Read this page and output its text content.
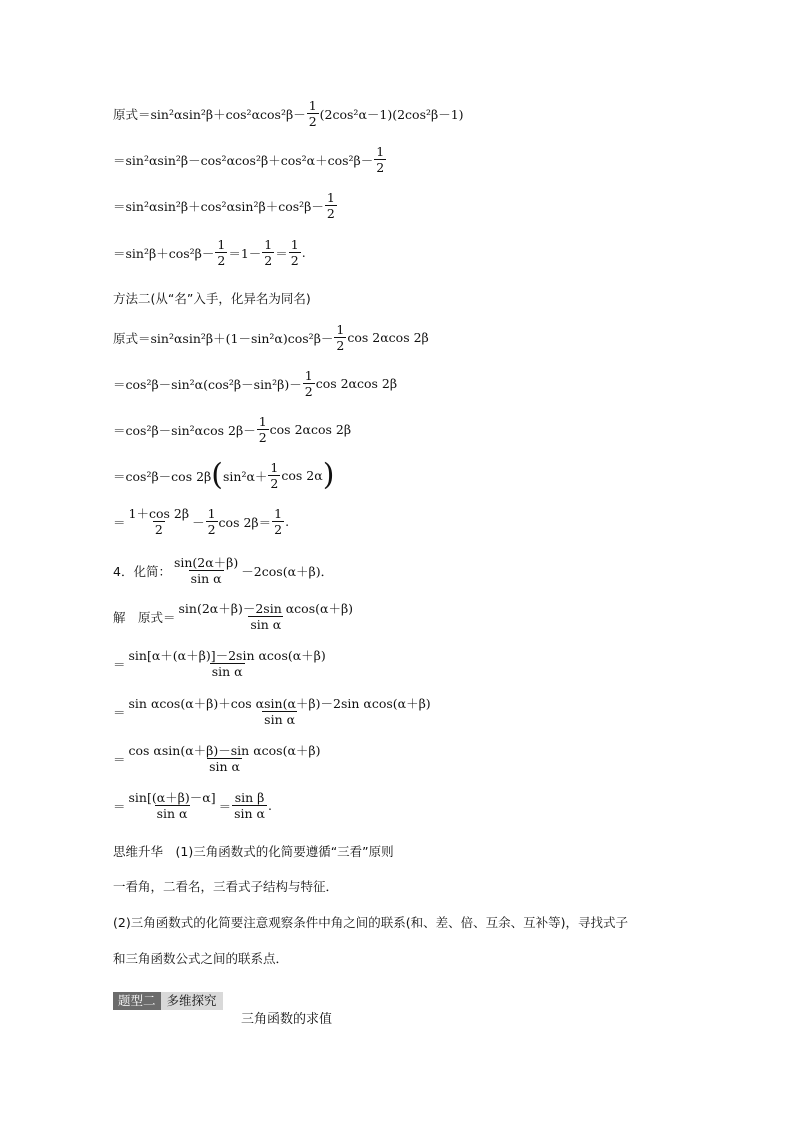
原式$=\sin^2\alpha\sin^2\beta+\cos^2\alpha\cos^2\beta- \frac{1}{2} (2\cos^2\alpha-1)(2\cos^2\beta-1)$
$=\sin^2\alpha\sin^2\beta-\cos^2\alpha\cos^2\beta+\cos^2\alpha+\cos^2\beta- \frac{1}{2}$
$=\sin^2\alpha\sin^2\beta+\cos^2\alpha\sin^2\beta+\cos^2\beta- \frac{1}{2}$
$=\sin^2\beta+\cos^2\beta- \frac{1}{2} =1- \frac{1}{2} = \frac{1}{2}$ .
方法二(从“名”入手，化异名为同名)
原式$=\sin^2\alpha\sin^2\beta+(1-\sin^2\alpha)\cos^2\beta- \frac{1}{2}$ cos 2αcos 2β
$=\cos^2\beta-\sin^2\alpha(\cos^2\beta-\sin^2\beta)- \frac{1}{2}$ cos 2αcos 2β
＝cos²β－sin²αcos $2\beta- \frac{1}{2}$ cos 2αcos 2β
＝cos²β－cos $2\beta(\sin^2\alpha+ \frac{1}{2}$ cos 2α)
＝ $\frac{1+\cos 2\beta}{2} - \frac{1}{2}$ $\cos 2\beta= \frac{1}{2}$ .
4．化简： $\frac{\sin(2\alpha+\beta)}{\text{sin α}} -2\cos(\alpha+\beta)$．
解　原式＝ $\frac{\text{sin(2α＋β)－2sin αcos(α＋β)}}{\text{sin α}}$
＝ $\frac{\text{sin[α＋(α＋β)]－2sin αcos(α＋β)}}{\text{sin α}}$
＝ $\frac{\text{sin αcos(α＋β)＋cos αsin(α＋β)－2sin αcos(α＋β)}}{\text{sin α}}$
＝ $\frac{\text{cos αsin(α＋β)－sin αcos(α＋β)}}{\text{sin α}}$
＝ $\frac{\sin[(\alpha+\beta)-\alpha]}{\text{sin α}} = \frac{\text{sin β}}{\text{sin α}}$ .
思维升华　(1)三角函数式的化简要遵循“三看”原则
一看角，二看名，三看式子结构与特征．
(2)三角函数式的化简要注意观察条件中角之间的联系(和、差、倍、互余、互补等)，寻找式子
和三角函数公式之间的联系点．
题型二 多维探究
三角函数的求值
